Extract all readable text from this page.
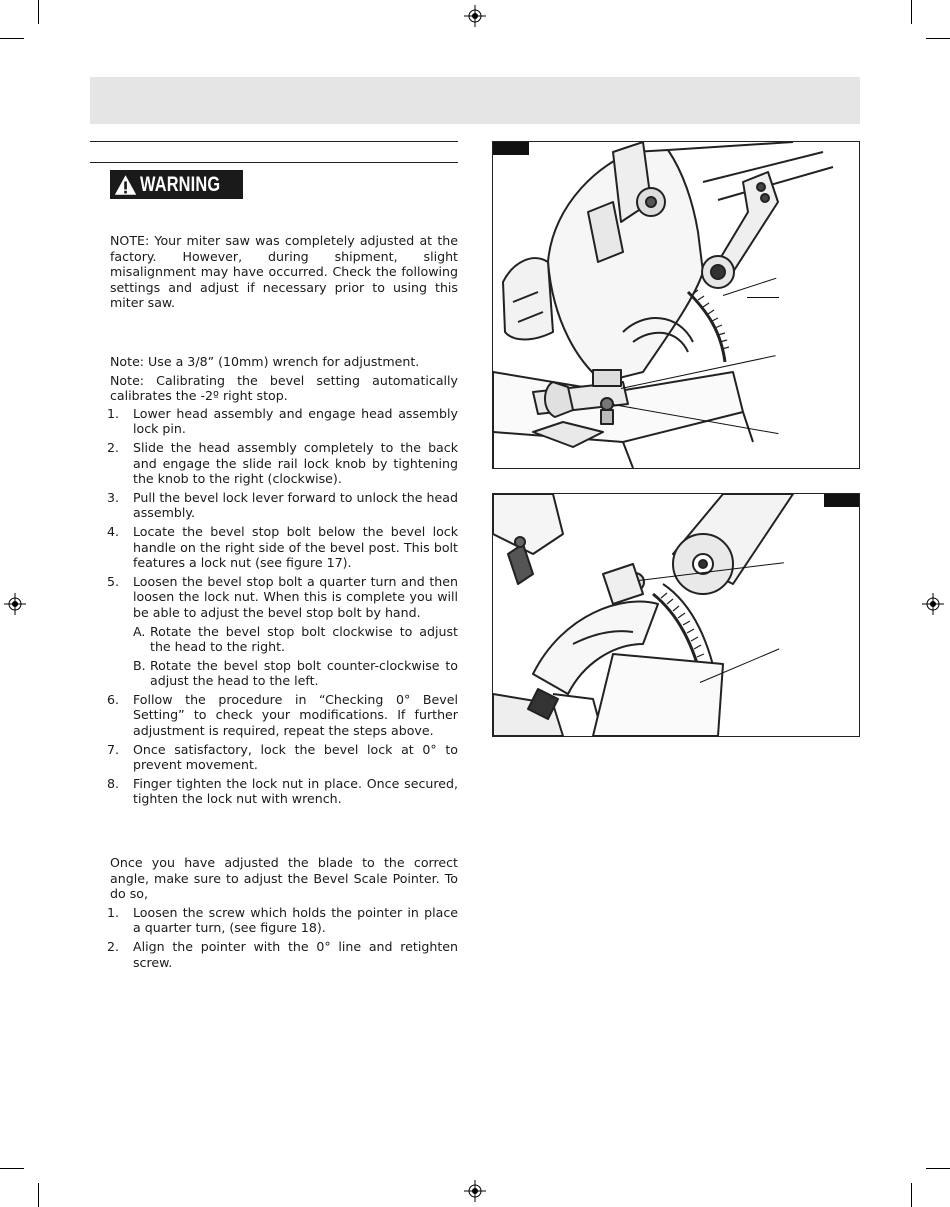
WARNING

NOTE: Your miter saw was completely adjusted at the factory. However, during shipment, slight misalignment may have occurred. Check the following settings and adjust if necessary prior to using this miter saw.

Note: Use a 3/8” (10mm) wrench for adjustment.

Note: Calibrating the bevel setting automatically calibrates the -2º right stop.

1. Lower head assembly and engage head assembly lock pin.
2. Slide the head assembly completely to the back and engage the slide rail lock knob by tightening the knob to the right (clockwise).
3. Pull the bevel lock lever forward to unlock the head assembly.
4. Locate the bevel stop bolt below the bevel lock handle on the right side of the bevel post. This bolt features a lock nut (see figure 17).
5. Loosen the bevel stop bolt a quarter turn and then loosen the lock nut. When this is complete you will be able to adjust the bevel stop bolt by hand.
A. Rotate the bevel stop bolt clockwise to adjust the head to the right.
B. Rotate the bevel stop bolt counter-clockwise to adjust the head to the left.
6. Follow the procedure in “Checking 0° Bevel Setting” to check your modifications. If further adjustment is required, repeat the steps above.
7. Once satisfactory, lock the bevel lock at 0° to prevent movement.
8. Finger tighten the lock nut in place. Once secured, tighten the lock nut with wrench.

Once you have adjusted the blade to the correct angle, make sure to adjust the Bevel Scale Pointer. To do so,

1. Loosen the screw which holds the pointer in place a quarter turn, (see figure 18).
2. Align the pointer with the 0° line and retighten screw.
